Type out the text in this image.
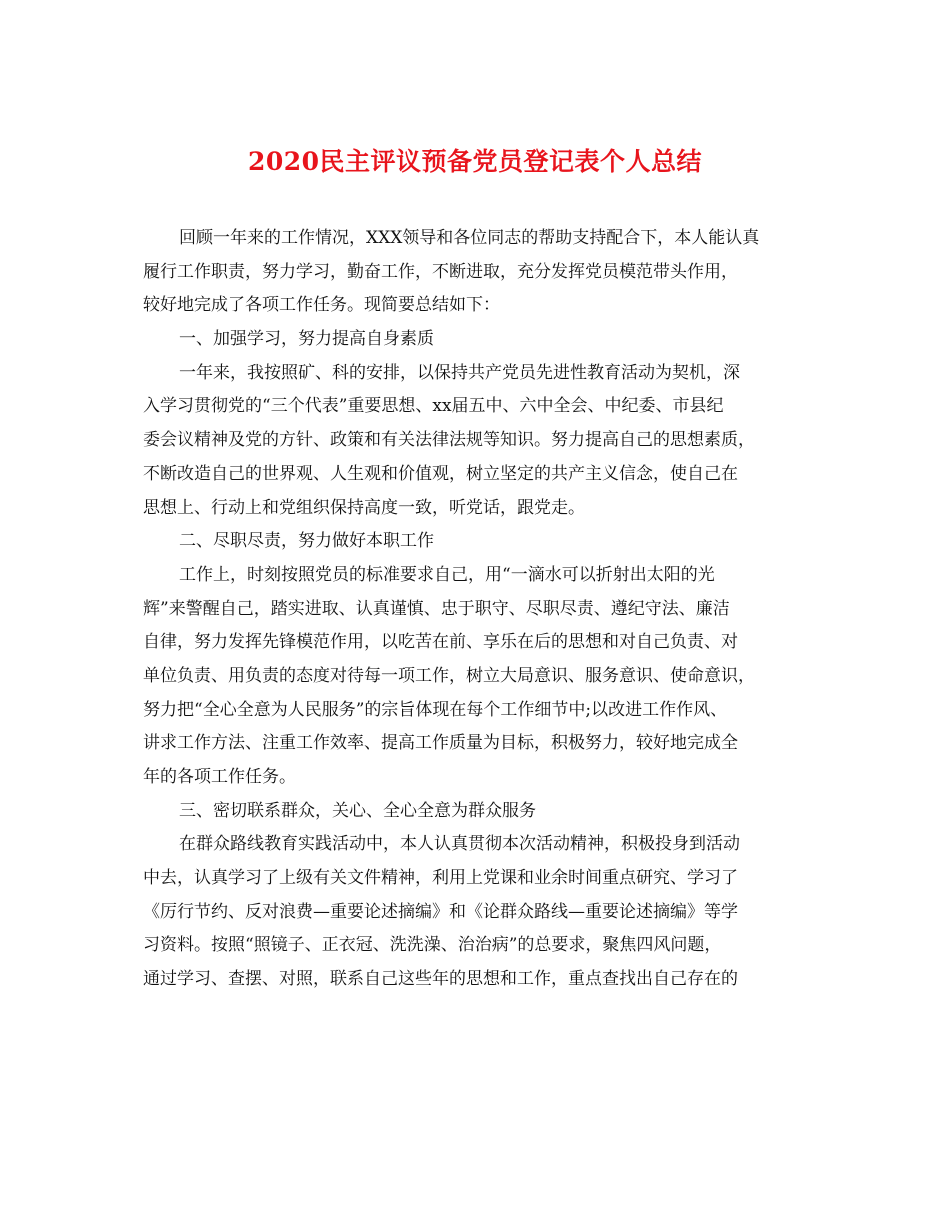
2020民主评议预备党员登记表个人总结
回顾一年来的工作情况，XXX领导和各位同志的帮助支持配合下，本人能认真
履行工作职责，努力学习，勤奋工作，不断进取，充分发挥党员模范带头作用，
较好地完成了各项工作任务。现简要总结如下：
一、加强学习，努力提高自身素质
一年来，我按照矿、科的安排，以保持共产党员先进性教育活动为契机，深
入学习贯彻党的“三个代表”重要思想、xx届五中、六中全会、中纪委、市县纪
委会议精神及党的方针、政策和有关法律法规等知识。努力提高自己的思想素质，
不断改造自己的世界观、人生观和价值观，树立坚定的共产主义信念，使自己在
思想上、行动上和党组织保持高度一致，听党话，跟党走。
二、尽职尽责，努力做好本职工作
工作上，时刻按照党员的标准要求自己，用“一滴水可以折射出太阳的光
辉”来警醒自己，踏实进取、认真谨慎、忠于职守、尽职尽责、遵纪守法、廉洁
自律，努力发挥先锋模范作用，以吃苦在前、享乐在后的思想和对自己负责、对
单位负责、用负责的态度对待每一项工作，树立大局意识、服务意识、使命意识，
努力把“全心全意为人民服务”的宗旨体现在每个工作细节中;以改进工作作风、
讲求工作方法、注重工作效率、提高工作质量为目标，积极努力，较好地完成全
年的各项工作任务。
三、密切联系群众，关心、全心全意为群众服务
在群众路线教育实践活动中，本人认真贯彻本次活动精神，积极投身到活动
中去，认真学习了上级有关文件精神，利用上党课和业余时间重点研究、学习了
《厉行节约、反对浪费—重要论述摘编》和《论群众路线—重要论述摘编》等学
习资料。按照“照镜子、正衣冠、洗洗澡、治治病”的总要求，聚焦四风问题，
通过学习、查摆、对照，联系自己这些年的思想和工作，重点查找出自己存在的
